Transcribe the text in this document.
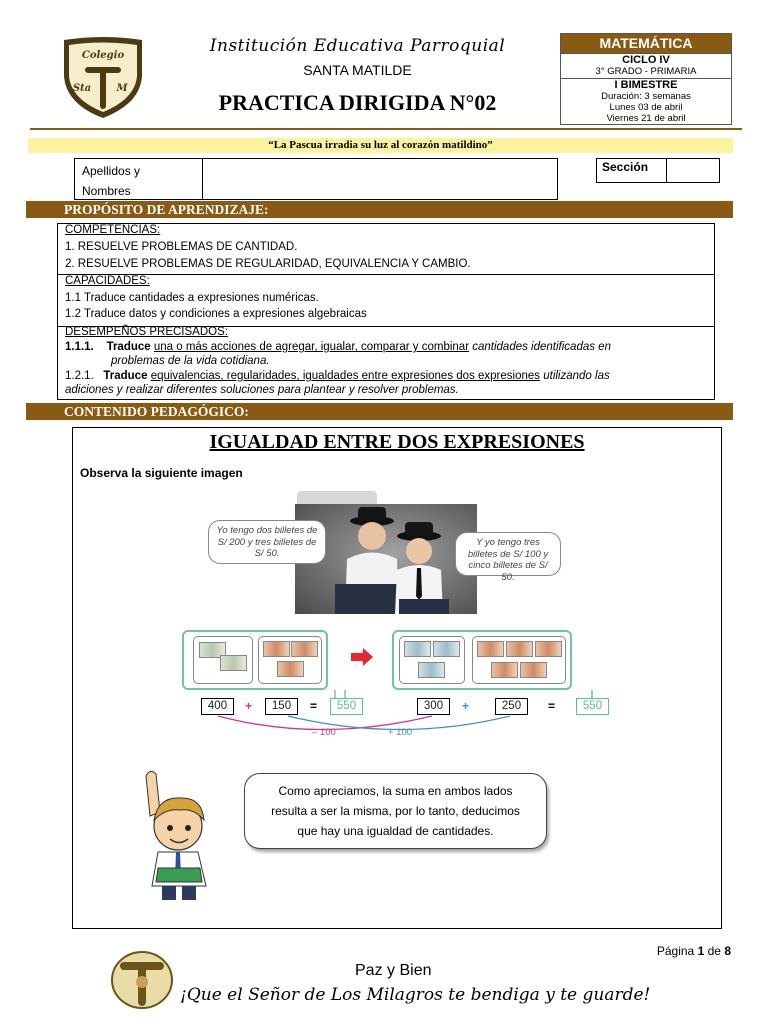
Colegio
Sta	M
Institución Educativa Parroquial
SANTA MATILDE
PRACTICA DIRIGIDA N°02
MATEMÁTICA
CICLO IV
3° GRADO - PRIMARIA
I BIMESTRE
Duración: 3 semanas
Lunes 03 de abril
Viernes 21 de abril
“La Pascua irradia su luz al corazón matildino”
Apellidos y
Nombres
Sección
PROPÓSITO DE APRENDIZAJE:
COMPETENCIAS:
1. RESUELVE PROBLEMAS DE CANTIDAD.
2. RESUELVE PROBLEMAS DE REGULARIDAD, EQUIVALENCIA Y CAMBIO.
CAPACIDADES:
1.1 Traduce cantidades a expresiones numéricas.
1.2 Traduce datos y condiciones a expresiones algebraicas
DESEMPEÑOS PRECISADOS:
1.1.1. Traduce una o más acciones de agregar, igualar, comparar y combinar cantidades identificadas en
problemas de la vida cotidiana.
1.2.1. Traduce equivalencias, regularidades, igualdades entre expresiones dos expresiones utilizando las
adiciones y realizar diferentes soluciones para plantear y resolver problemas.
CONTENIDO PEDAGÓGICO:
IGUALDAD ENTRE DOS EXPRESIONES
Observa la siguiente imagen
Yo tengo dos billetes de S/ 200 y tres billetes de S/ 50.
Y yo tengo tres billetes de S/ 100 y cinco billetes de S/ 50.
400	+	150	=	550	300	+	250	=	550
– 100	+ 100
Como apreciamos, la suma en ambos lados resulta a ser la misma, por lo tanto, deducimos que hay una igualdad de cantidades.
Página 1 de 8
Paz y Bien
¡Que el Señor de Los Milagros te bendiga y te guarde!
